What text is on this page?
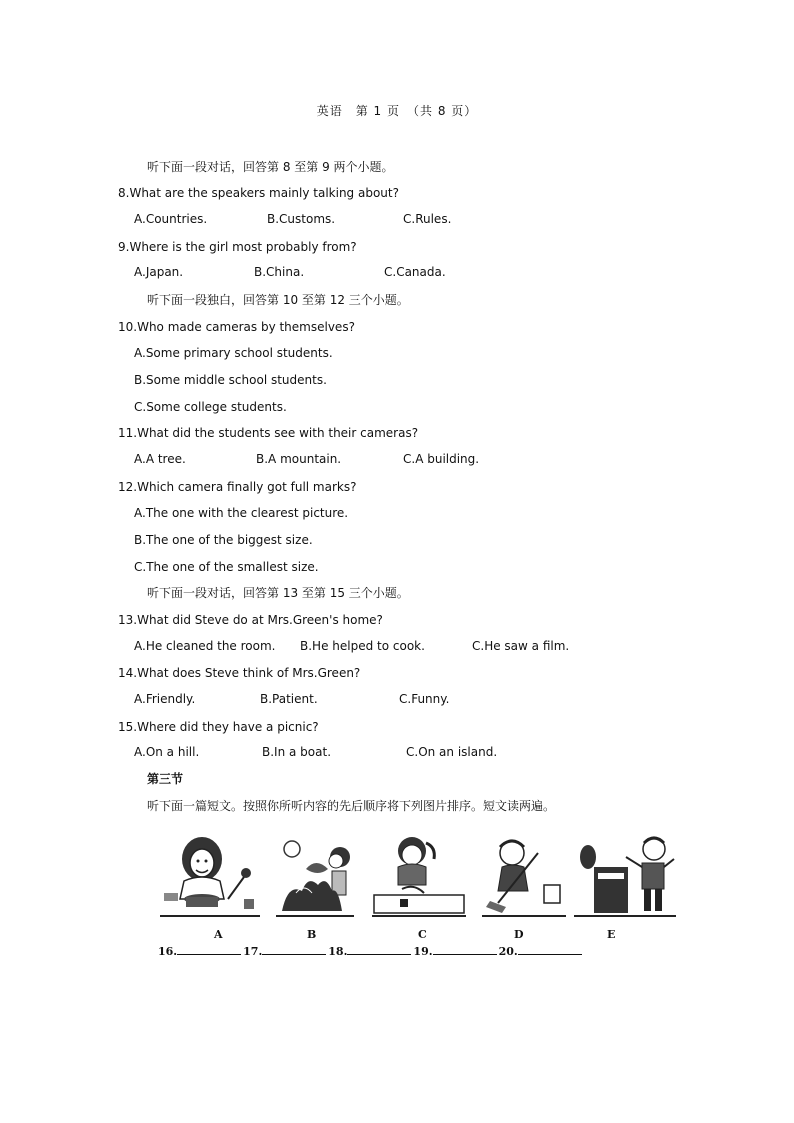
英语　第 1 页　（共 8 页）
听下面一段对话，回答第 8 至第 9 两个小题。
8.What are the speakers mainly talking about?
A.Countries.	B.Customs.	C.Rules.
9.Where is the girl most probably from?
A.Japan.	B.China.	C.Canada.
听下面一段独白，回答第 10 至第 12 三个小题。
10.Who made cameras by themselves?
A.Some primary school students.
B.Some middle school students.
C.Some college students.
11.What did the students see with their cameras?
A.A tree.	B.A mountain.	C.A building.
12.Which camera finally got full marks?
A.The one with the clearest picture.
B.The one of the biggest size.
C.The one of the smallest size.
听下面一段对话，回答第 13 至第 15 三个小题。
13.What did Steve do at Mrs.Green's home?
A.He cleaned the room. B.He helped to cook.	C.He saw a film.
14.What does Steve think of Mrs.Green?
A.Friendly.	B.Patient.	C.Funny.
15.Where did they have a picnic?
A.On a hill.	B.In a boat.	C.On an island.
第三节
听下面一篇短文。按照你所听内容的先后顺序将下列图片排序。短文读两遍。
A	B	C	D	E
16.	17.	18.	19.	20.
